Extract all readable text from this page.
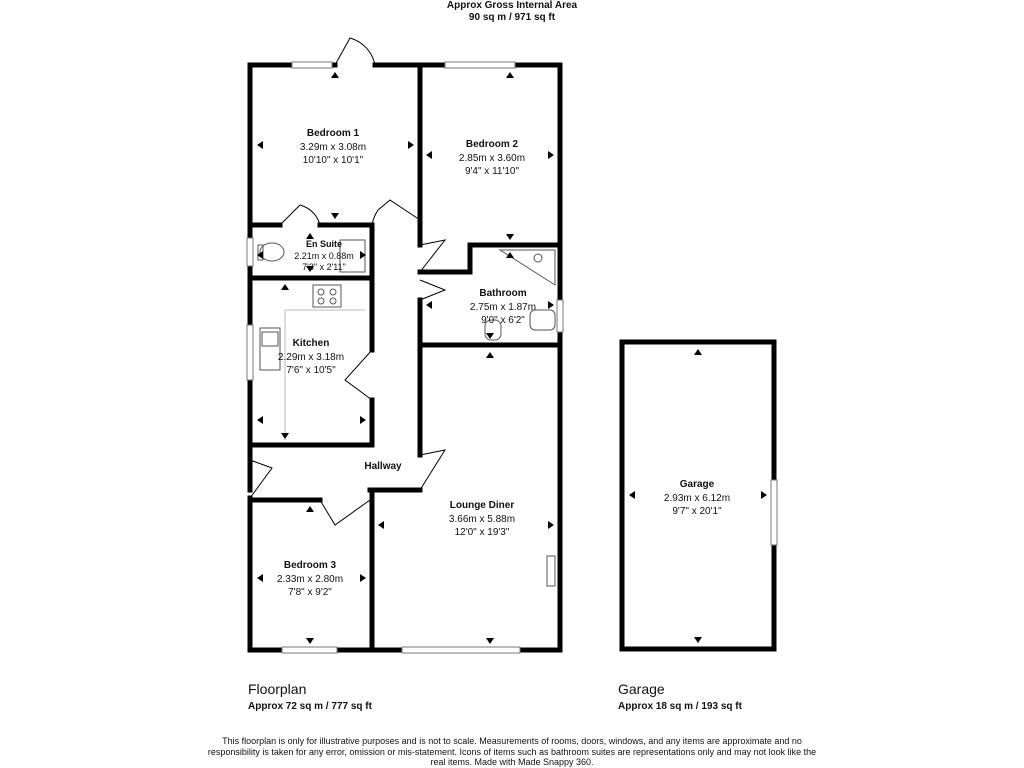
Approx Gross Internal Area
90 sq m / 971 sq ft
Bedroom 1
3.29m x 3.08m
10'10" x 10'1"
Bedroom 2
2.85m x 3.60m
9'4" x 11'10"
En Suite
2.21m x 0.88m
7'3" x 2'11"
Bathroom
2.75m x 1.87m
9'0" x 6'2"
Kitchen
2.29m x 3.18m
7'6" x 10'5"
Hallway
Lounge Diner
3.66m x 5.88m
12'0" x 19'3"
Bedroom 3
2.33m x 2.80m
7'8" x 9'2"
Garage
2.93m x 6.12m
9'7" x 20'1"
Floorplan
Approx 72 sq m / 777 sq ft
Garage
Approx 18 sq m / 193 sq ft
This floorplan is only for illustrative purposes and is not to scale. Measurements of rooms, doors, windows, and any items are approximate and no responsibility is taken for any error, omission or mis-statement. Icons of items such as bathroom suites are representations only and may not look like the real items. Made with Made Snappy 360.
